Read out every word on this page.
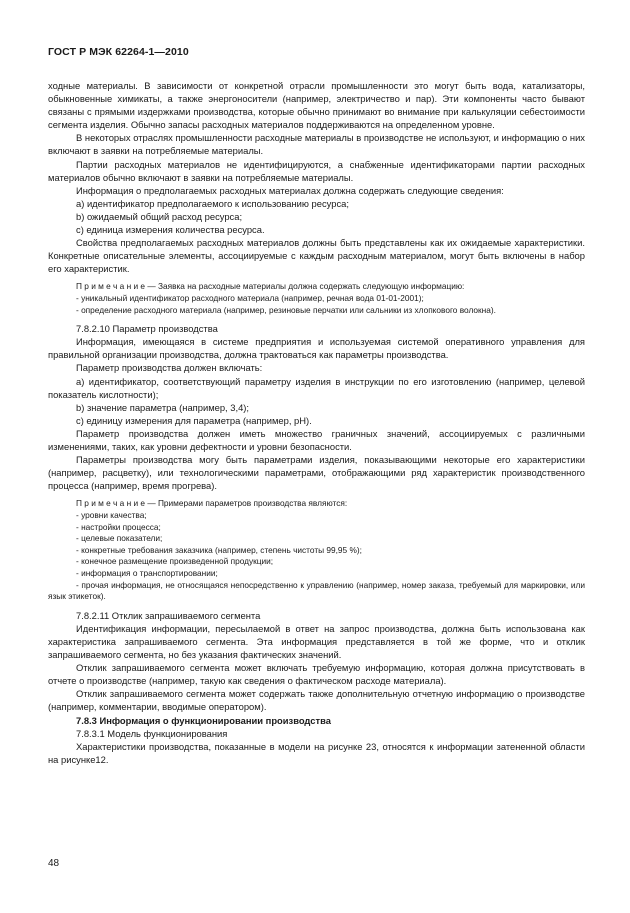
ГОСТ Р МЭК 62264-1—2010

ходные материалы. В зависимости от конкретной отрасли промышленности это могут быть вода, катализаторы, обыкновенные химикаты, а также энергоносители (например, электричество и пар). Эти компоненты часто бывают связаны с прямыми издержками производства, которые обычно принимают во внимание при калькуляции себестоимости сегмента изделия. Обычно запасы расходных материалов поддерживаются на определенном уровне.

В некоторых отраслях промышленности расходные материалы в производстве не используют, и информацию о них включают в заявки на потребляемые материалы.

Партии расходных материалов не идентифицируются, а снабженные идентификаторами партии расходных материалов обычно включают в заявки на потребляемые материалы.

Информация о предполагаемых расходных материалах должна содержать следующие сведения:

a) идентификатор предполагаемого к использованию ресурса;

b) ожидаемый общий расход ресурса;

c) единица измерения количества ресурса.

Свойства предполагаемых расходных материалов должны быть представлены как их ожидаемые характеристики. Конкретные описательные элементы, ассоциируемые с каждым расходным материалом, могут быть включены в набор его характеристик.

П р и м е ч а н и е — Заявка на расходные материалы должна содержать следующую информацию:

- уникальный идентификатор расходного материала (например, речная вода 01-01-2001);

- определение расходного материала (например, резиновые перчатки или сальники из хлопкового волокна).

7.8.2.10 Параметр производства

Информация, имеющаяся в системе предприятия и используемая системой оперативного управления для правильной организации производства, должна трактоваться как параметры производства.

Параметр производства должен включать:

a) идентификатор, соответствующий параметру изделия в инструкции по его изготовлению (например, целевой показатель кислотности);

b) значение параметра (например, 3,4);

c) единицу измерения для параметра (например, pH).

Параметр производства должен иметь множество граничных значений, ассоциируемых с различными изменениями, таких, как уровни дефектности и уровни безопасности.

Параметры производства могу быть параметрами изделия, показывающими некоторые его характеристики (например, расцветку), или технологическими параметрами, отображающими ряд характеристик производственного процесса (например, время прогрева).

П р и м е ч а н и е — Примерами параметров производства являются:

- уровни качества;

- настройки процесса;

- целевые показатели;

- конкретные требования заказчика (например, степень чистоты 99,95 %);

- конечное размещение произведенной продукции;

- информация о транспортировании;

- прочая информация, не относящаяся непосредственно к управлению (например, номер заказа, требуемый для маркировки, или язык этикеток).

7.8.2.11 Отклик запрашиваемого сегмента

Идентификация информации, пересылаемой в ответ на запрос производства, должна быть использована как характеристика запрашиваемого сегмента. Эта информация представляется в той же форме, что и отклик запрашиваемого сегмента, но без указания фактических значений.

Отклик запрашиваемого сегмента может включать требуемую информацию, которая должна присутствовать в отчете о производстве (например, такую как сведения о фактическом расходе материала).

Отклик запрашиваемого сегмента может содержать также дополнительную отчетную информацию о производстве (например, комментарии, вводимые оператором).

7.8.3 Информация о функционировании производства

7.8.3.1 Модель функционирования

Характеристики производства, показанные в модели на рисунке 23, относятся к информации затененной области на рисунке12.

48
